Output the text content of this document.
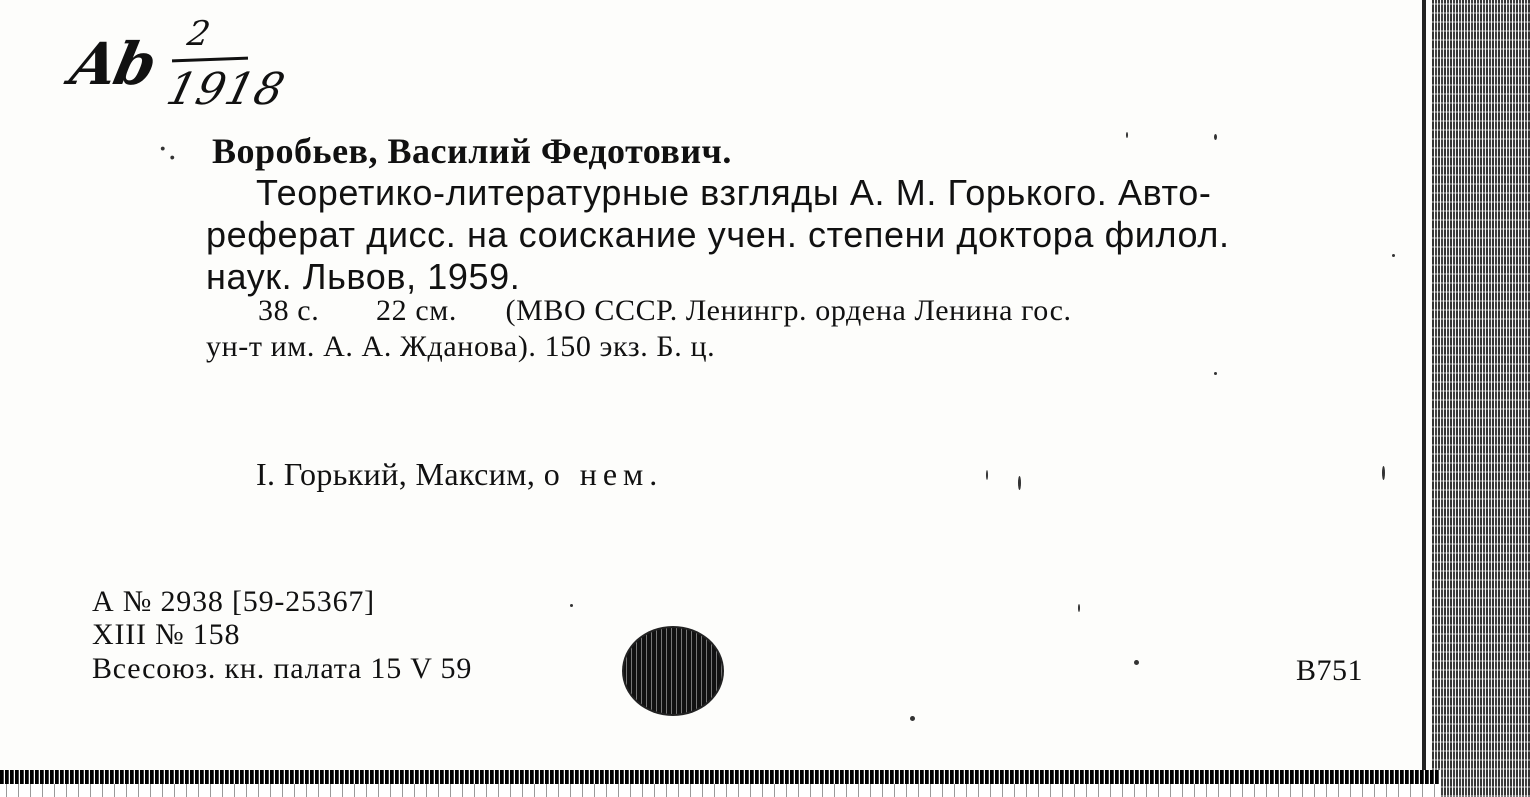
Ab 2
1918
·. Воробьев, Василий Федотович.
Теоретико-литературные взгляды А. М. Горького. Авто-
реферат дисс. на соискание учен. степени доктора филол.
наук. Львов, 1959.
38 с.       22 см.      (МВО СССР. Ленингр. ордена Ленина гос.
ун-т им. А. А. Жданова). 150 экз. Б. ц.
I. Горький, Максим, о нем.
А № 2938 [59-25367]
XIII № 158
Всесоюз. кн. палата 15 V 59	В751
